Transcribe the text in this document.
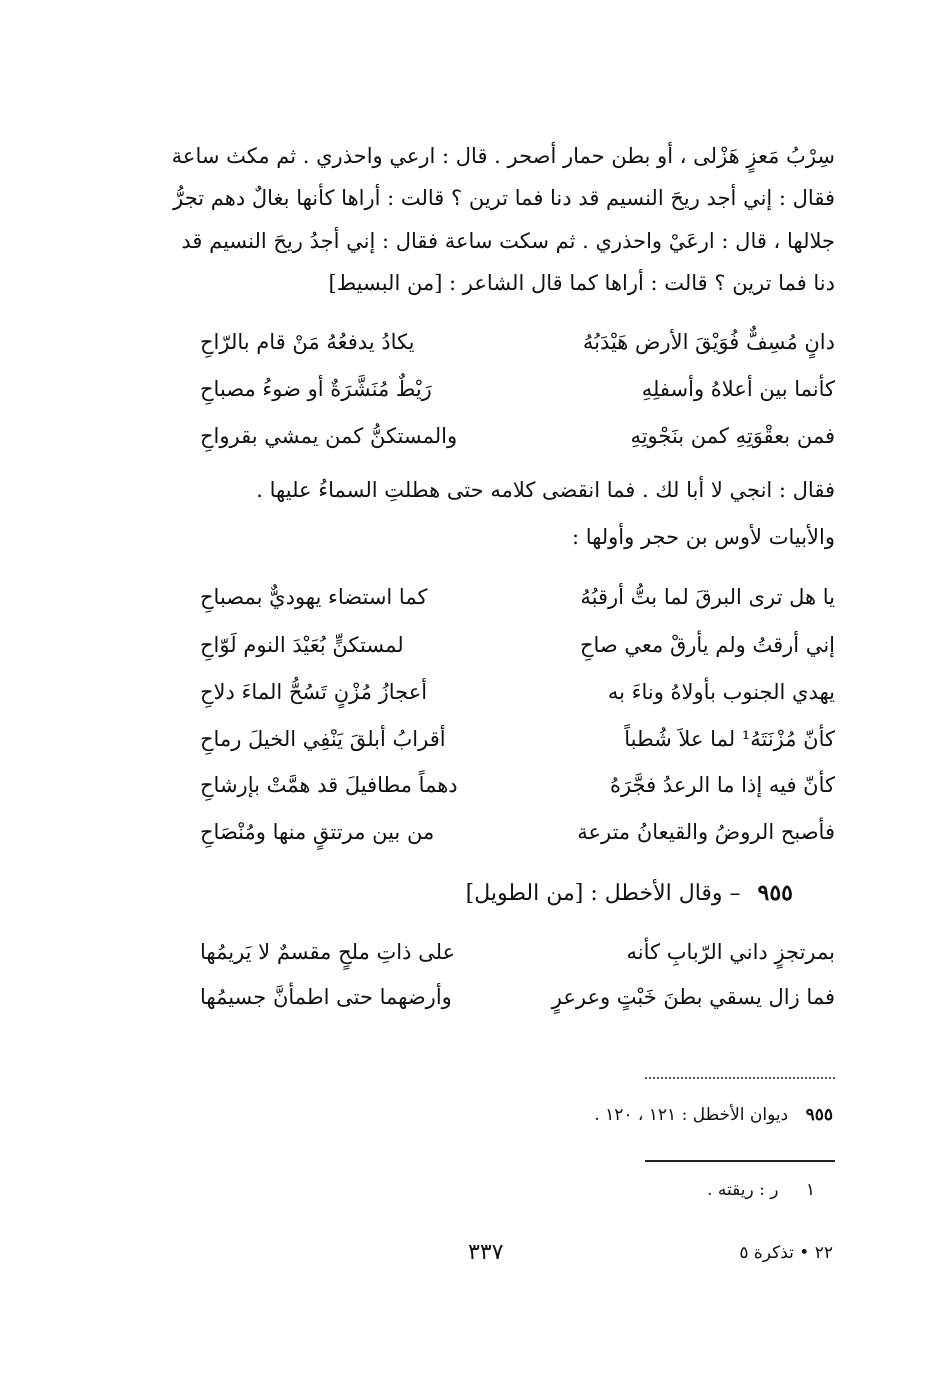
سِرْبُ مَعزٍ هَزْلى ، أو بطن حمار أصحر . قال : ارعي واحذري . ثم مكث ساعة
فقال : إني أجد ريحَ النسيم قد دنا فما ترين ؟ قالت : أراها كأنها بغالٌ دهم تجرُّ
جلالها ، قال : ارعَيْ واحذري . ثم سكت ساعة فقال : إني أجدُ ريحَ النسيم قد
دنا فما ترين ؟ قالت : أراها كما قال الشاعر : [من البسيط]
دانٍ مُسِفٌّ فُوَيْقَ الأرض هَيْدَبُهُ
يكادُ يدفعُهُ مَنْ قام بالرّاحِ
كأنما بين أعلاهُ وأسفلِهِ
رَيْطٌ مُنَشَّرَةٌ أو ضوءُ مصباحِ
فمن بعقْوَتِهِ كمن بنَجْوتِهِ
والمستكنُّ كمن يمشي بقرواحِ
فقال : انجي لا أبا لك . فما انقضى كلامه حتى هطلتِ السماءُ عليها .
والأبيات لأوس بن حجر وأولها :
يا هل ترى البرقَ لما بتُّ أرقبُهُ
كما استضاء يهوديٌّ بمصباحِ
إني أرقتُ ولم يأرقْ معي صاحِ
لمستكنٍّ بُعَيْدَ النوم لَوّاحِ
يهدي الجنوب بأولاهُ وناءَ به
أعجازُ مُزْنٍ تَسُحُّ الماءَ دلاحِ
كأنّ مُزْنَتَهُ¹ لما علاَ شُطباً
أقرابُ أبلقَ يَنْفِي الخيلَ رماحِ
كأنّ فيه إذا ما الرعدُ فجَّرَهُ
دهماً مطافيلَ قد همَّتْ بإرشاحِ
فأصبح الروضُ والقيعانُ مترعة
من بين مرتتقٍ منها ومُنْصَاحِ
٩٥٥ – وقال الأخطل : [من الطويل]
بمرتجزٍ داني الرّبابِ كأنه
على ذاتِ ملحٍ مقسمٌ لا يَريمُها
فما زال يسقي بطنَ خَبْتٍ وعرعرٍ
وأرضهما حتى اطمأنَّ جسيمُها
٩٥٥ ديوان الأخطل : ١٢١ ، ١٢٠ .
١ ر : ريقته .
٣٣٧	٢٢ • تذكرة ٥
